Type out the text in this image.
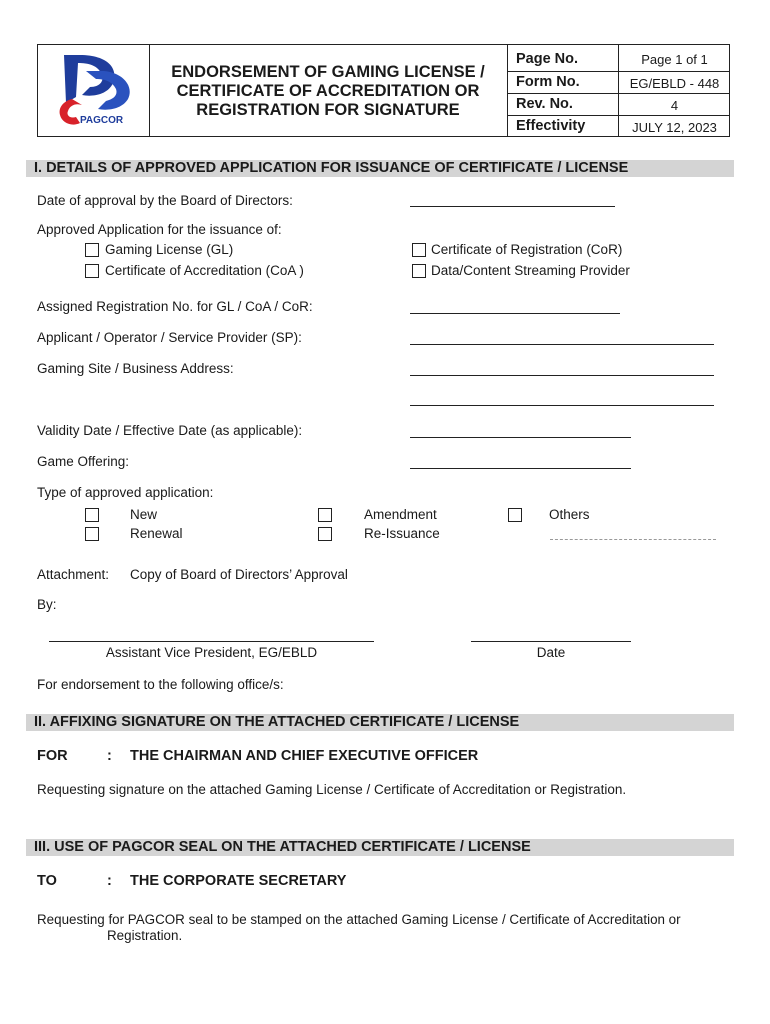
PAGCOR
ENDORSEMENT OF GAMING LICENSE /
CERTIFICATE OF ACCREDITATION OR
REGISTRATION FOR SIGNATURE
Page No.	Page 1 of 1
Form No.	EG/EBLD - 448
Rev. No.	4
Effectivity	JULY 12, 2023
I. DETAILS OF APPROVED APPLICATION FOR ISSUANCE OF CERTIFICATE / LICENSE
Date of approval by the Board of Directors:
Approved Application for the issuance of:
Gaming License (GL)
Certificate of Accreditation (CoA )
Certificate of Registration (CoR)
Data/Content Streaming Provider
Assigned Registration No. for GL / CoA / CoR:
Applicant / Operator / Service Provider (SP):
Gaming Site / Business Address:
Validity Date / Effective Date (as applicable):
Game Offering:
Type of approved application:
New
Renewal
Amendment
Re-Issuance
Others
Attachment: Copy of Board of Directors’ Approval
By:
Assistant Vice President, EG/EBLD	Date
For endorsement to the following office/s:
II. AFFIXING SIGNATURE ON THE ATTACHED CERTIFICATE / LICENSE
FOR	: THE CHAIRMAN AND CHIEF EXECUTIVE OFFICER
Requesting signature on the attached Gaming License / Certificate of Accreditation or Registration.
III. USE OF PAGCOR SEAL ON THE ATTACHED CERTIFICATE / LICENSE
TO	: THE CORPORATE SECRETARY
Requesting for PAGCOR seal to be stamped on the attached Gaming License / Certificate of Accreditation or
Registration.
